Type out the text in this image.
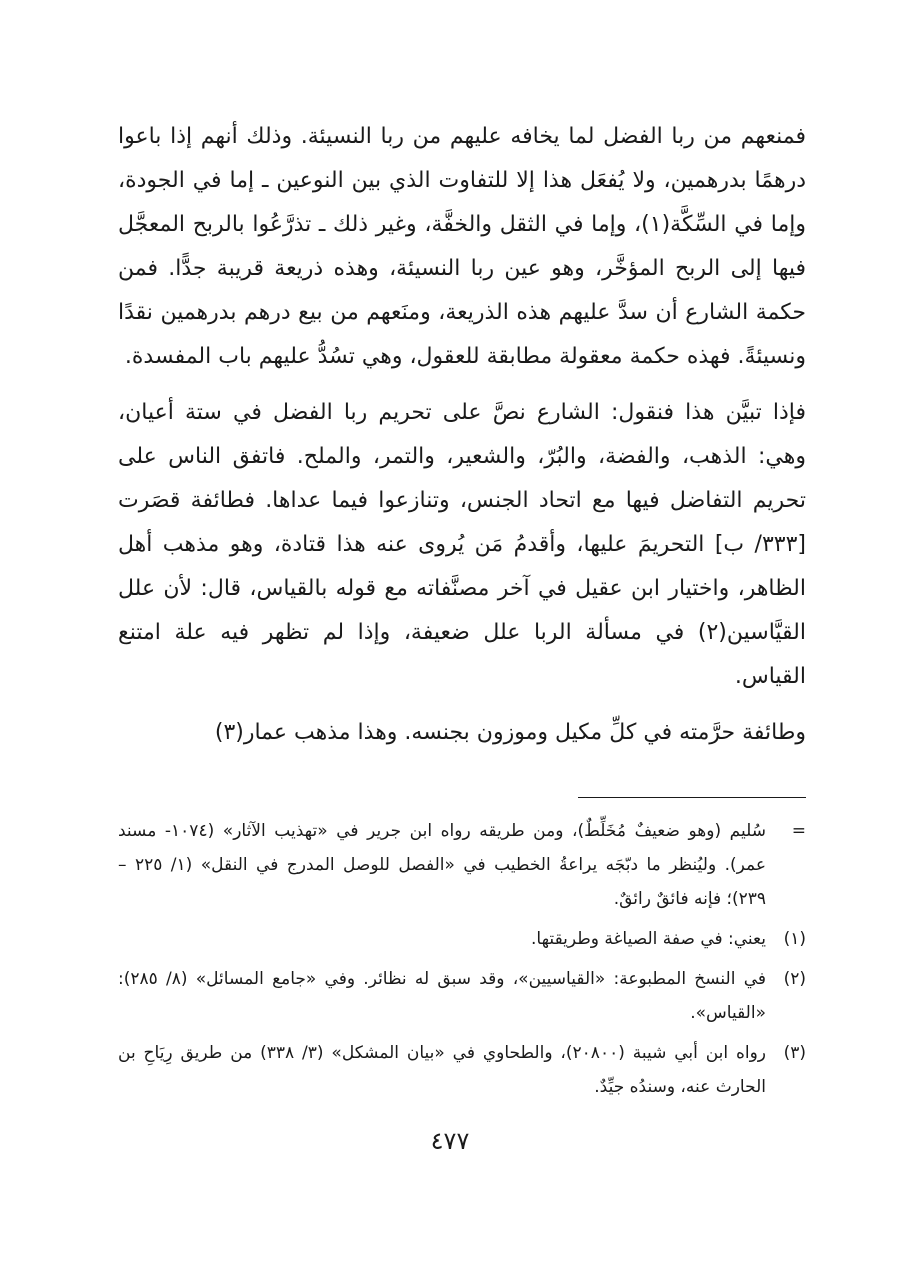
فمنعهم من ربا الفضل لما يخافه عليهم من ربا النسيئة. وذلك أنهم إذا باعوا درهمًا بدرهمين، ولا يُفعَل هذا إلا للتفاوت الذي بين النوعين ـ إما في الجودة، وإما في السِّكَّة(١)، وإما في الثقل والخفَّة، وغير ذلك ـ تذرَّعُوا بالربح المعجَّل فيها إلى الربح المؤخَّر، وهو عين ربا النسيئة، وهذه ذريعة قريبة جدًّا. فمن حكمة الشارع أن سدَّ عليهم هذه الذريعة، ومنَعهم من بيع درهم بدرهمين نقدًا ونسيئةً. فهذه حكمة معقولة مطابقة للعقول، وهي تسُدُّ عليهم باب المفسدة.

فإذا تبيَّن هذا فنقول: الشارع نصَّ على تحريم ربا الفضل في ستة أعيان، وهي: الذهب، والفضة، والبُرّ، والشعير، والتمر، والملح. فاتفق الناس على تحريم التفاضل فيها مع اتحاد الجنس، وتنازعوا فيما عداها. فطائفة قصَرت [٣٣٣/ ب] التحريمَ عليها، وأقدمُ مَن يُروى عنه هذا قتادة، وهو مذهب أهل الظاهر، واختيار ابن عقيل في آخر مصنَّفاته مع قوله بالقياس، قال: لأن علل القيَّاسين(٢) في مسألة الربا علل ضعيفة، وإذا لم تظهر فيه علة امتنع القياس.

وطائفة حرَّمته في كلِّ مكيل وموزون بجنسه. وهذا مذهب عمار(٣)

=
سُليم (وهو ضعيفٌ مُخَلِّطٌ)، ومن طريقه رواه ابن جرير في «تهذيب الآثار» (١٠٧٤- مسند عمر). وليُنظر ما دبّجَه يراعةُ الخطيب في «الفصل للوصل المدرج في النقل» (١/ ٢٢٥ – ٢٣٩)؛ فإنه فائقٌ رائقٌ.
(١)
يعني: في صفة الصياغة وطريقتها.
(٢)
في النسخ المطبوعة: «القياسيين»، وقد سبق له نظائر. وفي «جامع المسائل» (٨/ ٢٨٥): «القياس».
(٣)
رواه ابن أبي شيبة (٢٠٨٠٠)، والطحاوي في «بيان المشكل» (٣/ ٣٣٨) من طريق رِيَاحِ بن الحارث عنه، وسندُه جيِّدٌ.
٤٧٧
